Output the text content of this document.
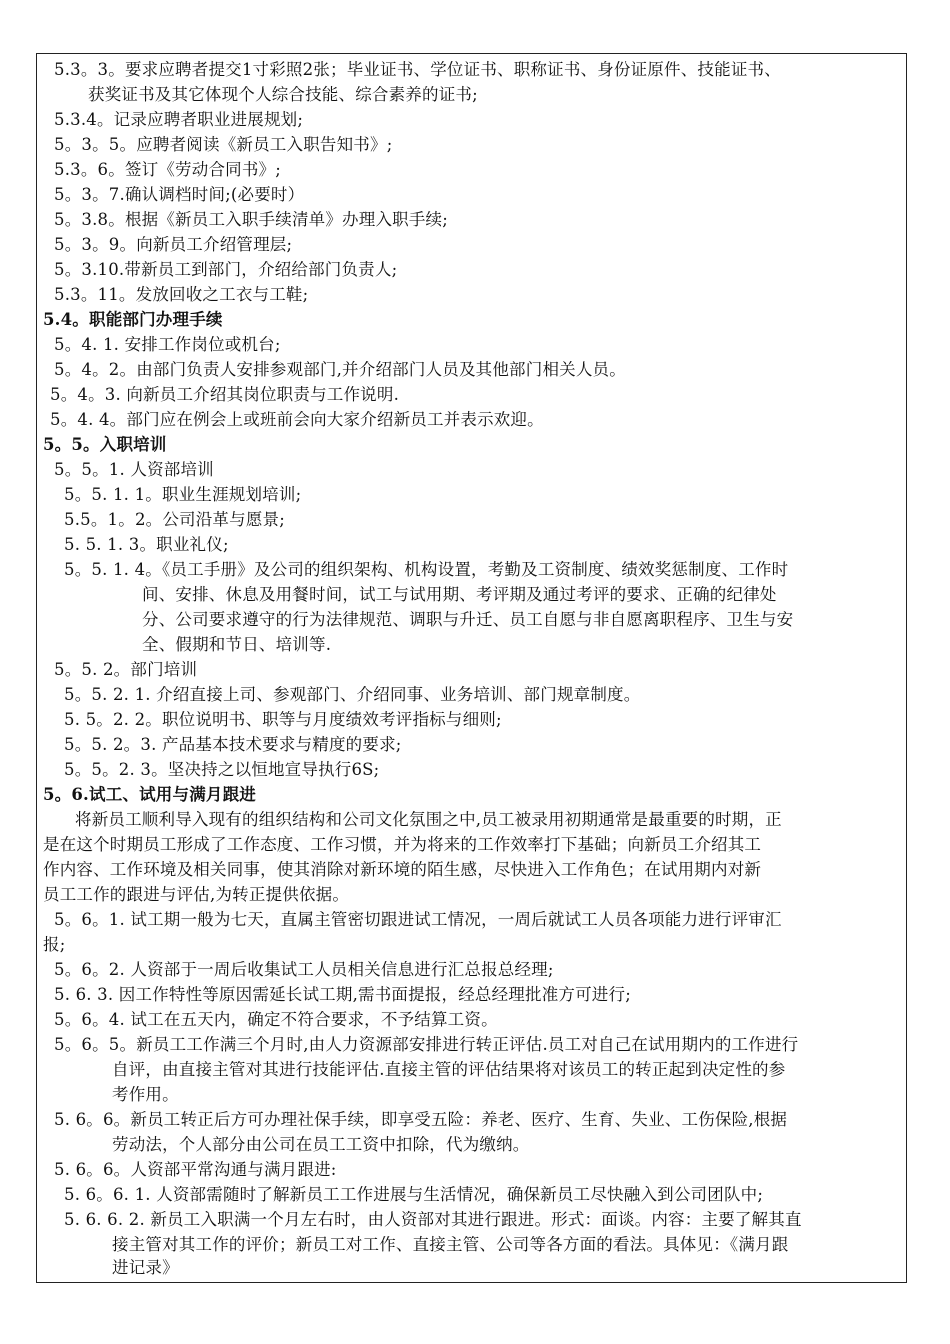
5.3。3。要求应聘者提交1寸彩照2张；毕业证书、学位证书、职称证书、身份证原件、技能证书、
获奖证书及其它体现个人综合技能、综合素养的证书;
5.3.4。记录应聘者职业进展规划;
5。3。5。应聘者阅读《新员工入职告知书》;
5.3。6。签订《劳动合同书》;
5。3。7.确认调档时间;(必要时）
5。3.8。根据《新员工入职手续清单》办理入职手续;
5。3。9。向新员工介绍管理层;
5。3.10.带新员工到部门，介绍给部门负责人;
5.3。11。发放回收之工衣与工鞋;
5.4。职能部门办理手续
5。4. 1. 安排工作岗位或机台;
5。4。2。由部门负责人安排参观部门,并介绍部门人员及其他部门相关人员。
5。4。3. 向新员工介绍其岗位职责与工作说明.
5。4. 4。部门应在例会上或班前会向大家介绍新员工并表示欢迎。
5。5。入职培训
5。5。1. 人资部培训
5。5. 1. 1。职业生涯规划培训;
5.5。1。2。公司沿革与愿景;
5. 5. 1. 3。职业礼仪;
5。5. 1. 4。《员工手册》及公司的组织架构、机构设置，考勤及工资制度、绩效奖惩制度、工作时
间、安排、休息及用餐时间，试工与试用期、考评期及通过考评的要求、正确的纪律处
分、公司要求遵守的行为法律规范、调职与升迁、员工自愿与非自愿离职程序、卫生与安
全、假期和节日、培训等.
5。5. 2。部门培训
5。5. 2. 1. 介绍直接上司、参观部门、介绍同事、业务培训、部门规章制度。
5. 5。2. 2。职位说明书、职等与月度绩效考评指标与细则;
5。5. 2。3. 产品基本技术要求与精度的要求;
5。5。2. 3。坚决持之以恒地宣导执行6S;
5。6.试工、试用与满月跟进
将新员工顺利导入现有的组织结构和公司文化氛围之中,员工被录用初期通常是最重要的时期，正
是在这个时期员工形成了工作态度、工作习惯，并为将来的工作效率打下基础；向新员工介绍其工
作内容、工作环境及相关同事，使其消除对新环境的陌生感，尽快进入工作角色；在试用期内对新
员工工作的跟进与评估,为转正提供依据。
5。6。1. 试工期一般为七天，直属主管密切跟进试工情况，一周后就试工人员各项能力进行评审汇
报;
5。6。2. 人资部于一周后收集试工人员相关信息进行汇总报总经理;
5. 6. 3. 因工作特性等原因需延长试工期,需书面提报，经总经理批准方可进行;
5。6。4. 试工在五天内，确定不符合要求，不予结算工资。
5。6。5。新员工工作满三个月时,由人力资源部安排进行转正评估.员工对自己在试用期内的工作进行
自评，由直接主管对其进行技能评估.直接主管的评估结果将对该员工的转正起到决定性的参
考作用。
5. 6。6。新员工转正后方可办理社保手续，即享受五险：养老、医疗、生育、失业、工伤保险,根据
劳动法，个人部分由公司在员工工资中扣除，代为缴纳。
5. 6。6。人资部平常沟通与满月跟进:
5. 6。6. 1. 人资部需随时了解新员工工作进展与生活情况，确保新员工尽快融入到公司团队中;
5. 6. 6. 2. 新员工入职满一个月左右时，由人资部对其进行跟进。形式：面谈。内容：主要了解其直
接主管对其工作的评价；新员工对工作、直接主管、公司等各方面的看法。具体见：《满月跟
进记录》
